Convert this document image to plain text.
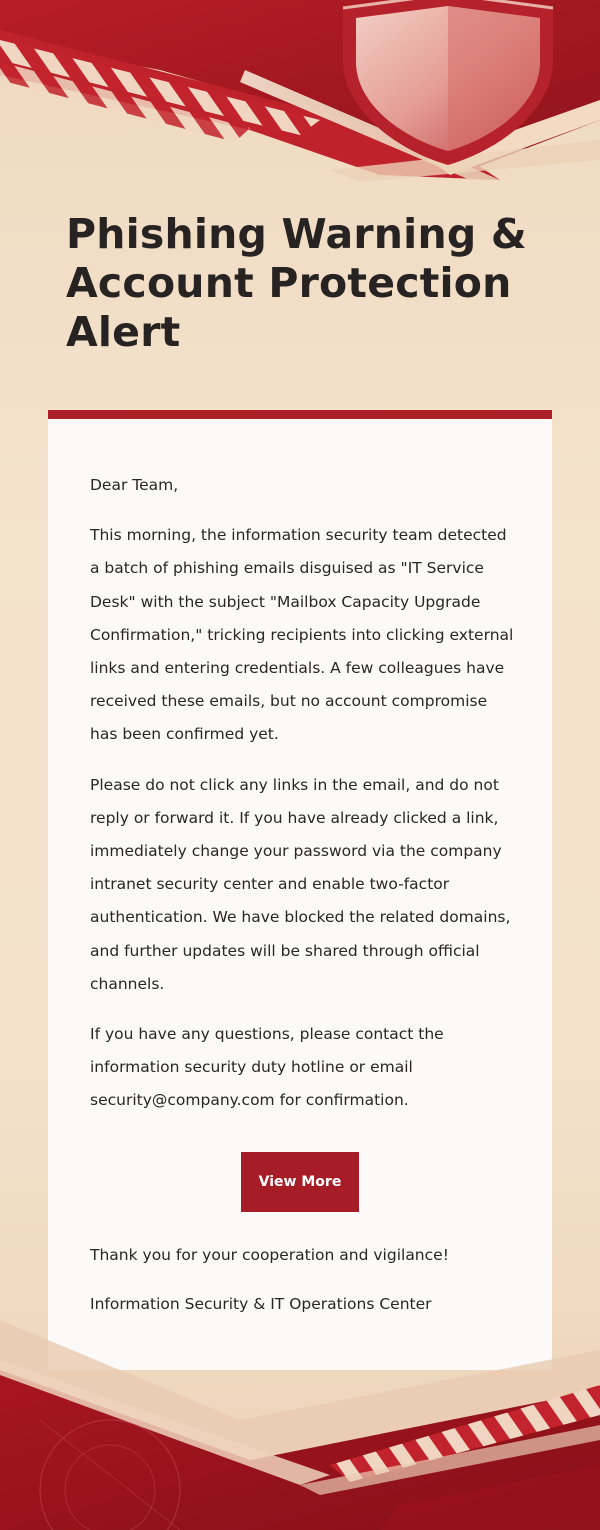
Phishing Warning & Account Protection Alert

Dear Team,

This morning, the information security team detected a batch of phishing emails disguised as "IT Service Desk" with the subject "Mailbox Capacity Upgrade Confirmation," tricking recipients into clicking external links and entering credentials. A few colleagues have received these emails, but no account compromise has been confirmed yet.

Please do not click any links in the email, and do not reply or forward it. If you have already clicked a link, immediately change your password via the company intranet security center and enable two-factor authentication. We have blocked the related domains, and further updates will be shared through official channels.

If you have any questions, please contact the information security duty hotline or email security@company.com for confirmation.

View More

Thank you for your cooperation and vigilance!

Information Security & IT Operations Center
